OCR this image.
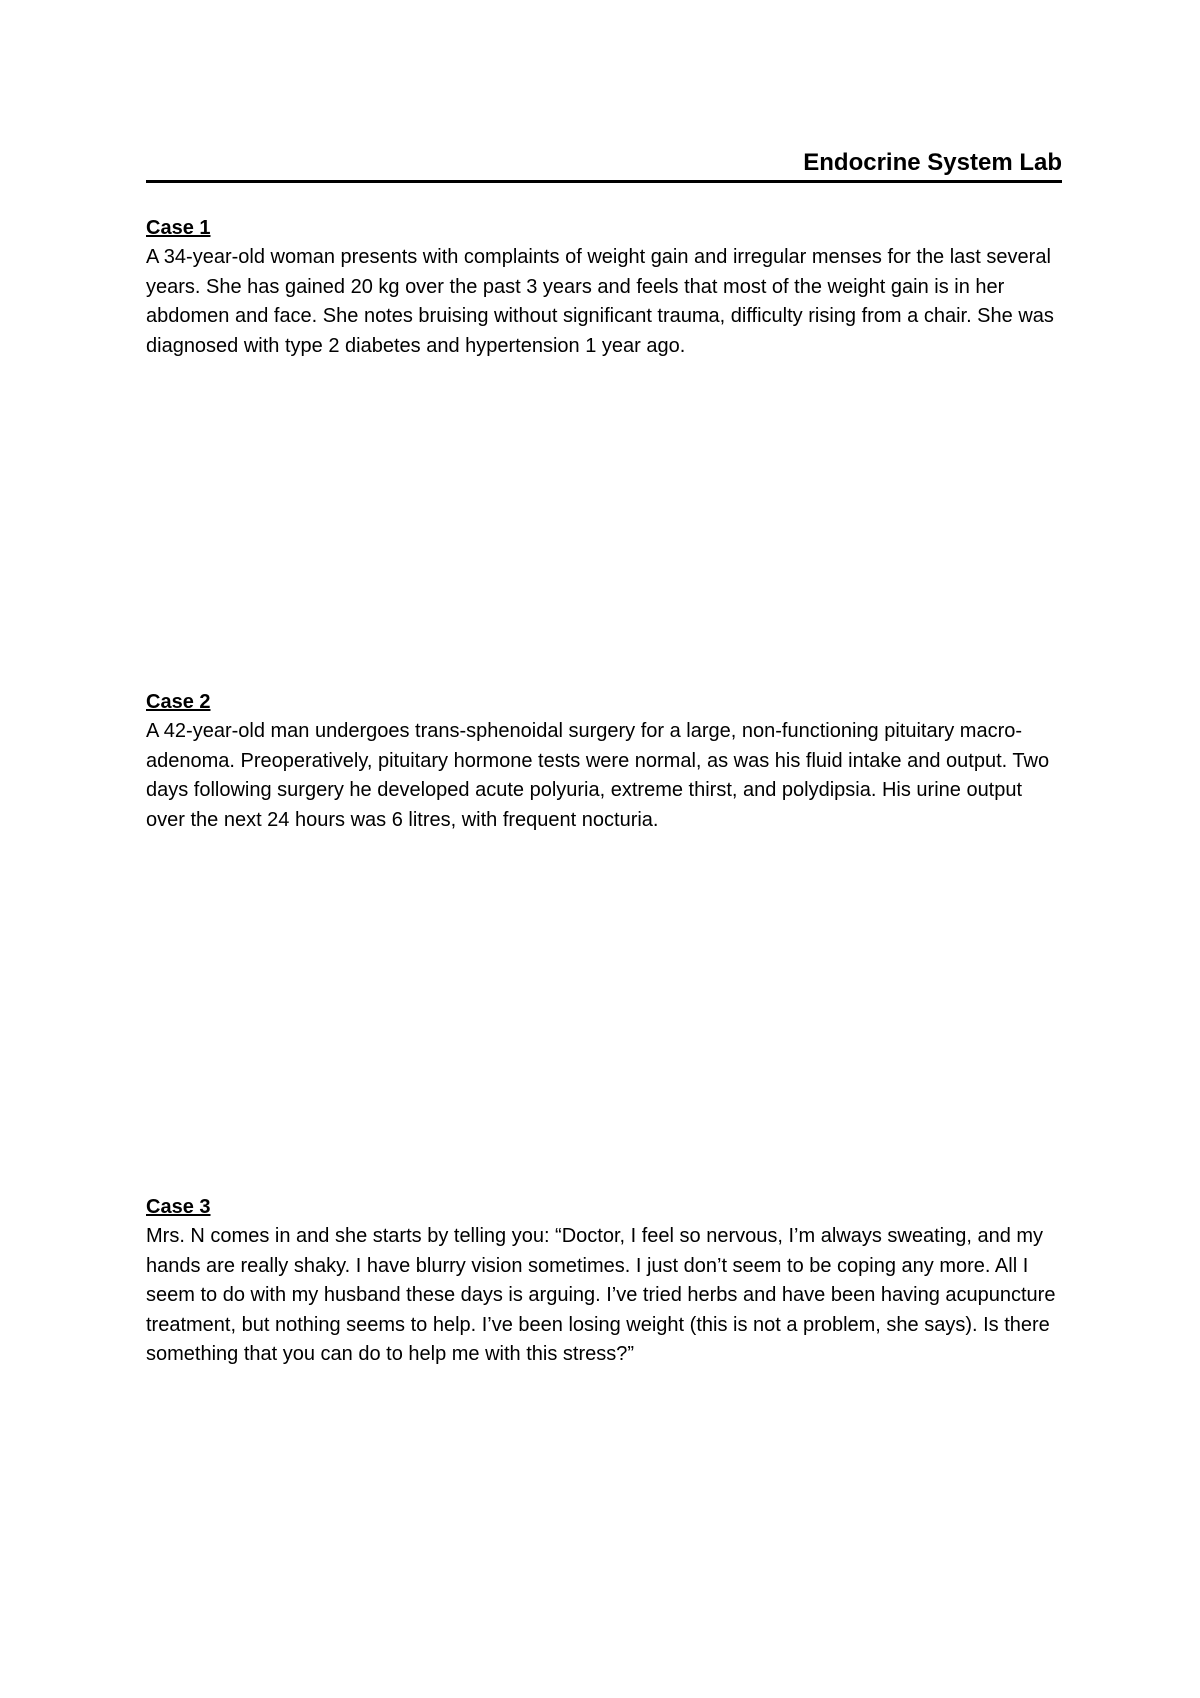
Endocrine System Lab
Case 1

A 34-year-old woman presents with complaints of weight gain and irregular menses for the last several years. She has gained 20 kg over the past 3 years and feels that most of the weight gain is in her abdomen and face. She notes bruising without significant trauma, difficulty rising from a chair. She was diagnosed with type 2 diabetes and hypertension 1 year ago.

Case 2

A 42-year-old man undergoes trans-sphenoidal surgery for a large, non-functioning pituitary macro-adenoma. Preoperatively, pituitary hormone tests were normal, as was his fluid intake and output. Two days following surgery he developed acute polyuria, extreme thirst, and polydipsia. His urine output over the next 24 hours was 6 litres, with frequent nocturia.

Case 3

Mrs. N comes in and she starts by telling you: “Doctor, I feel so nervous, I’m always sweating, and my hands are really shaky. I have blurry vision sometimes. I just don’t seem to be coping any more. All I seem to do with my husband these days is arguing. I’ve tried herbs and have been having acupuncture treatment, but nothing seems to help. I’ve been losing weight (this is not a problem, she says). Is there something that you can do to help me with this stress?”
